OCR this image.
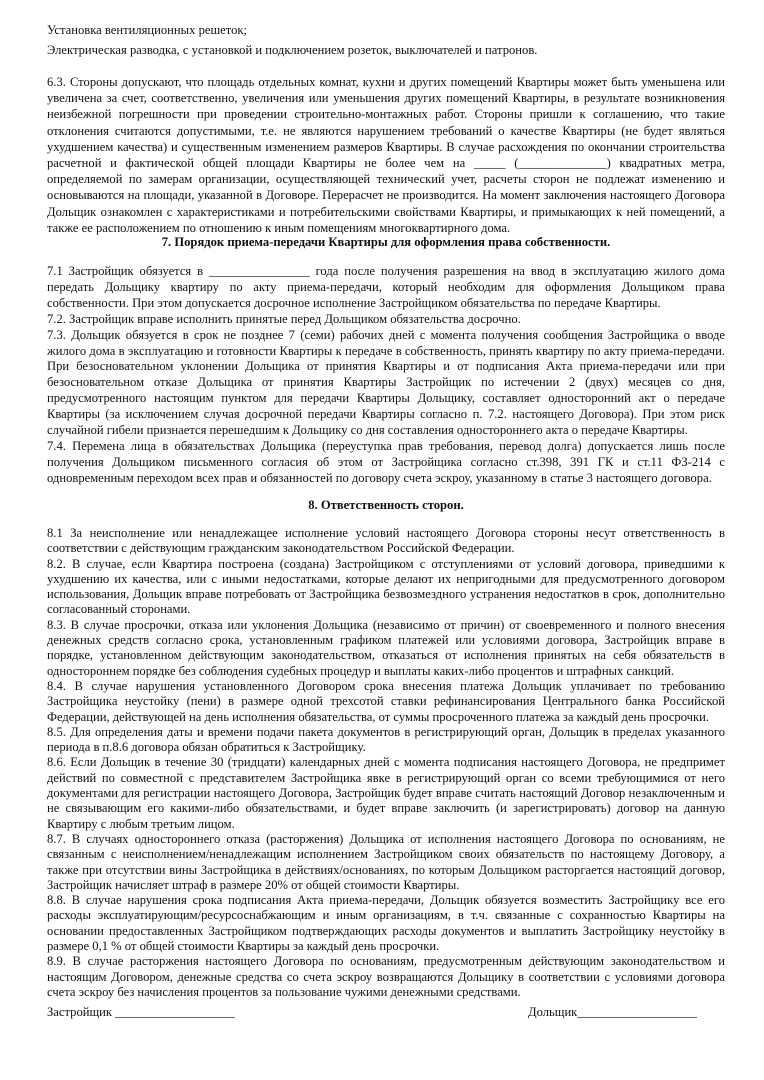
Установка вентиляционных решеток;
Электрическая разводка, с установкой и подключением розеток, выключателей и патронов.

6.3. Стороны допускают, что площадь отдельных комнат, кухни и других помещений Квартиры может быть уменьшена или увеличена за счет, соответственно, увеличения или уменьшения других помещений Квартиры, в результате возникновения неизбежной погрешности при проведении строительно-монтажных работ. Стороны пришли к соглашению, что такие отклонения считаются допустимыми, т.е. не являются нарушением требований о качестве Квартиры (не будет являться ухудшением качества) и существенным изменением размеров Квартиры. В случае расхождения по окончании строительства расчетной и фактической общей площади Квартиры не более чем на _____ (______________) квадратных метра, определяемой по замерам организации, осуществляющей технический учет, расчеты сторон не подлежат изменению и основываются на площади, указанной в Договоре. Перерасчет не производится. На момент заключения настоящего Договора Дольщик ознакомлен с характеристиками и потребительскими свойствами Квартиры, и примыкающих к ней помещений, а также ее расположением по отношению к иным помещениям многоквартирного дома.

7. Порядок приема-передачи Квартиры для оформления права собственности.

7.1 Застройщик обязуется в ________________ года после получения разрешения на ввод в эксплуатацию жилого дома передать Дольщику квартиру по акту приема-передачи, который необходим для оформления Дольщиком права собственности. При этом допускается досрочное исполнение Застройщиком обязательства по передаче Квартиры.

7.2. Застройщик вправе исполнить принятые перед Дольщиком обязательства досрочно.

7.3. Дольщик обязуется в срок не позднее 7 (семи) рабочих дней с момента получения сообщения Застройщика о вводе жилого дома в эксплуатацию и готовности Квартиры к передаче в собственность, принять квартиру по акту приема-передачи. При безосновательном уклонении Дольщика от принятия Квартиры и от подписания Акта приема-передачи или при безосновательном отказе Дольщика от принятия Квартиры Застройщик по истечении 2 (двух) месяцев со дня, предусмотренного настоящим пунктом для передачи Квартиры Дольщику, составляет односторонний акт о передаче Квартиры (за исключением случая досрочной передачи Квартиры согласно п. 7.2. настоящего Договора). При этом риск случайной гибели признается перешедшим к Дольщику со дня составления одностороннего акта о передаче Квартиры.

7.4. Перемена лица в обязательствах Дольщика (переуступка прав требования, перевод долга) допускается лишь после получения Дольщиком письменного согласия об этом от Застройщика согласно ст.398, 391 ГК и ст.11 ФЗ-214 с одновременным переходом всех прав и обязанностей по договору счета эскроу, указанному в статье 3 настоящего договора.

8. Ответственность сторон.

8.1 За неисполнение или ненадлежащее исполнение условий настоящего Договора стороны несут ответственность в соответствии с действующим гражданским законодательством Российской Федерации.

8.2. В случае, если Квартира построена (создана) Застройщиком с отступлениями от условий договора, приведшими к ухудшению их качества, или с иными недостатками, которые делают их непригодными для предусмотренного договором использования, Дольщик вправе потребовать от Застройщика безвозмездного устранения недостатков в срок, дополнительно согласованный сторонами.

8.3. В случае просрочки, отказа или уклонения Дольщика (независимо от причин) от своевременного и полного внесения денежных средств согласно срока, установленным графиком платежей или условиями договора, Застройщик вправе в порядке, установленном действующим законодательством, отказаться от исполнения принятых на себя обязательств в одностороннем порядке без соблюдения судебных процедур и выплаты каких-либо процентов и штрафных санкций.

8.4. В случае нарушения установленного Договором срока внесения платежа Дольщик уплачивает по требованию Застройщика неустойку (пени) в размере одной трехсотой ставки рефинансирования Центрального банка Российской Федерации, действующей на день исполнения обязательства, от суммы просроченного платежа за каждый день просрочки.

8.5. Для определения даты и времени подачи пакета документов в регистрирующий орган, Дольщик в пределах указанного периода в п.8.6 договора обязан обратиться к Застройщику.

8.6. Если Дольщик в течение 30 (тридцати) календарных дней с момента подписания настоящего Договора, не предпримет действий по совместной с представителем Застройщика явке в регистрирующий орган со всеми требующимися от него документами для регистрации настоящего Договора, Застройщик будет вправе считать настоящий Договор незаключенным и не связывающим его какими-либо обязательствами, и будет вправе заключить (и зарегистрировать) договор на данную Квартиру с любым третьим лицом.

8.7. В случаях одностороннего отказа (расторжения) Дольщика от исполнения настоящего Договора по основаниям, не связанным с неисполнением/ненадлежащим исполнением Застройщиком своих обязательств по настоящему Договору, а также при отсутствии вины Застройщика в действиях/основаниях, по которым Дольщиком расторгается настоящий договор, Застройщик начисляет штраф в размере 20% от общей стоимости Квартиры.

8.8. В случае нарушения срока подписания Акта приема-передачи, Дольщик обязуется возместить Застройщику все его расходы эксплуатирующим/ресурсоснабжающим и иным организациям, в т.ч. связанные с сохранностью Квартиры на основании предоставленных Застройщиком подтверждающих расходы документов и выплатить Застройщику неустойку в размере 0,1 % от общей стоимости Квартиры за каждый день просрочки.

8.9. В случае расторжения настоящего Договора по основаниям, предусмотренным действующим законодательством и настоящим Договором, денежные средства со счета эскроу возвращаются Дольщику в соответствии с условиями договора счета эскроу без начисления процентов за пользование чужими денежными средствами.

Застройщик ___________________	Дольщик___________________
